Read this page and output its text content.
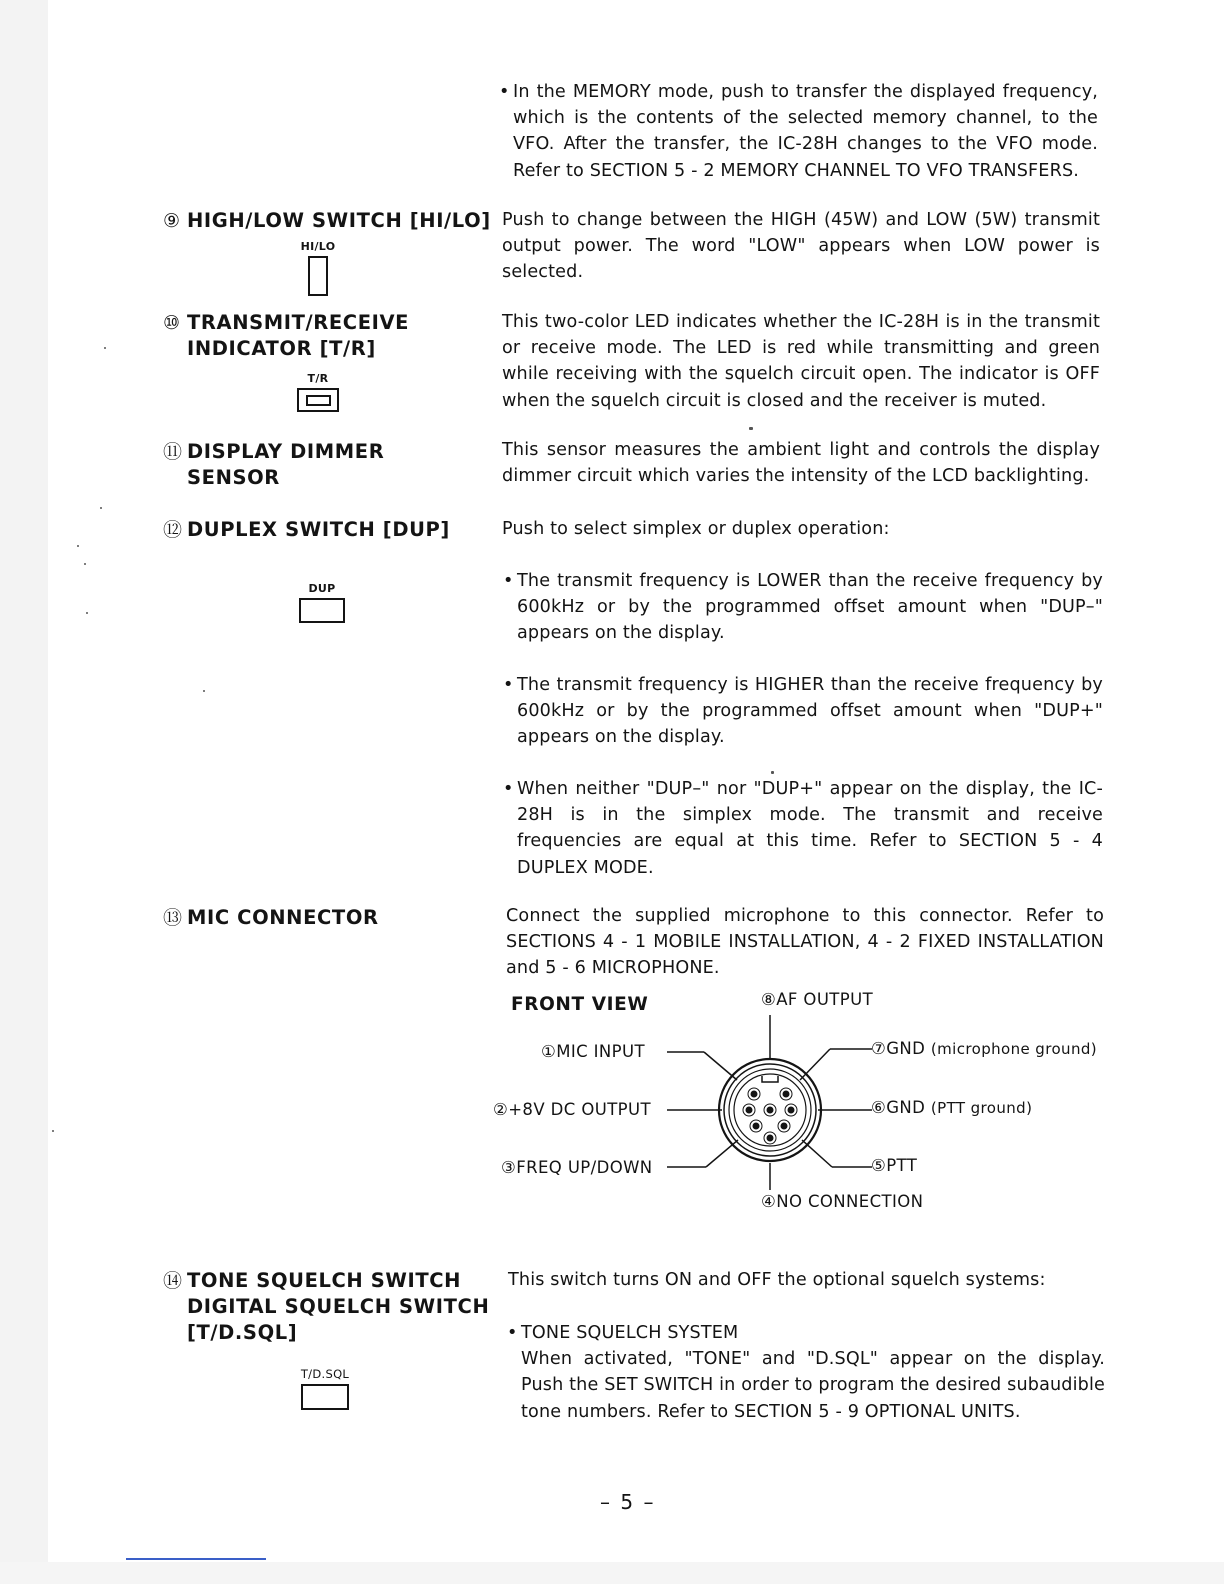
• In the MEMORY mode, push to transfer the displayed frequency, which is the contents of the selected memory channel, to the VFO. After the transfer, the IC-28H changes to the VFO mode. Refer to SECTION 5 - 2 MEMORY CHANNEL TO VFO TRANSFERS.
⑨ HIGH/LOW SWITCH [HI/LO]
HI/LO
Push to change between the HIGH (45W) and LOW (5W) transmit output power. The word "LOW" appears when LOW power is selected.
⑩ TRANSMIT/RECEIVE
INDICATOR [T/R]
T/R
This two-color LED indicates whether the IC-28H is in the transmit or receive mode. The LED is red while transmitting and green while receiving with the squelch circuit open. The indicator is OFF when the squelch circuit is closed and the receiver is muted.
⑪ DISPLAY DIMMER
SENSOR
This sensor measures the ambient light and controls the display dimmer circuit which varies the intensity of the LCD backlighting.
⑫ DUPLEX SWITCH [DUP]	Push to select simplex or duplex operation:
DUP	• The transmit frequency is LOWER than the receive frequency by 600kHz or by the programmed offset amount when "DUP–" appears on the display.
• The transmit frequency is HIGHER than the receive frequency by 600kHz or by the programmed offset amount when "DUP+" appears on the display.
• When neither "DUP–" nor "DUP+" appear on the display, the IC-28H is in the simplex mode. The transmit and receive frequencies are equal at this time. Refer to SECTION 5 - 4 DUPLEX MODE.
⑬ MIC CONNECTOR	Connect the supplied microphone to this connector. Refer to SECTIONS 4 - 1 MOBILE INSTALLATION, 4 - 2 FIXED INSTALLATION and 5 - 6 MICROPHONE.
FRONT VIEW	⑧AF OUTPUT
①MIC INPUT	⑦GND (microphone ground)
②+8V DC OUTPUT	⑥GND (PTT ground)
③FREQ UP/DOWN	⑤PTT
④NO CONNECTION
⑭ TONE SQUELCH SWITCH
DIGITAL SQUELCH SWITCH
[T/D.SQL]
T/D.SQL
This switch turns ON and OFF the optional squelch systems:
• TONE SQUELCH SYSTEM
When activated, "TONE" and "D.SQL" appear on the display. Push the SET SWITCH in order to program the desired subaudible tone numbers. Refer to SECTION 5 - 9 OPTIONAL UNITS.
– 5 –
